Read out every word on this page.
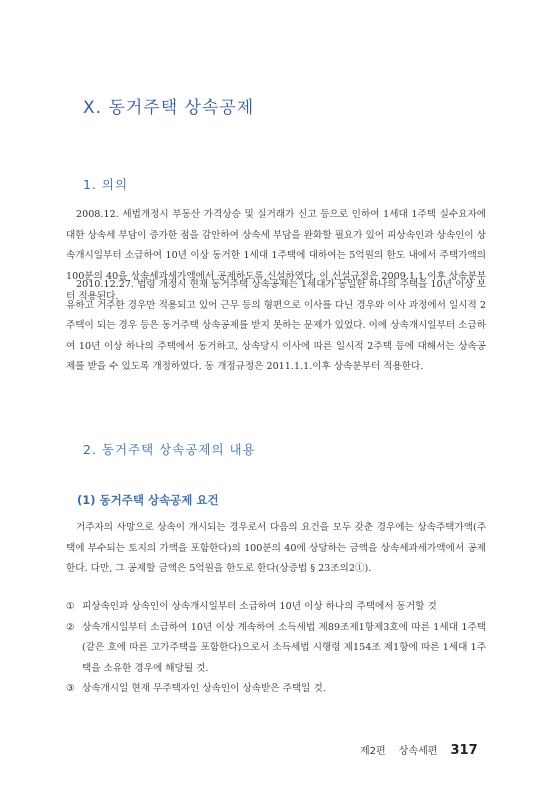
Ⅹ. 동거주택 상속공제
1. 의의

2008.12. 세법개정시 부동산 가격상승 및 실거래가 신고 등으로 인하여 1세대 1주택 실수요자에 대한 상속세 부담이 증가한 점을 감안하여 상속세 부담을 완화할 필요가 있어 피상속인과 상속인이 상속개시일부터 소급하여 10년 이상 동거한 1세대 1주택에 대하여는 5억원의 한도 내에서 주택가액의 100분의 40을 상속세과세가액에서 공제하도록 신설하였다. 이 신설규정은 2009.1.1.이후 상속분부터 적용된다.

2010.12.27. 법령 개정시 현재 동거주택 상속공제는 1세대가 동일한 하나의 주택을 10년 이상 보유하고 거주한 경우만 적용되고 있어 근무 등의 형편으로 이사를 다닌 경우와 이사 과정에서 일시적 2주택이 되는 경우 등은 동거주택 상속공제를 받지 못하는 문제가 있었다. 이에 상속개시일부터 소급하여 10년 이상 하나의 주택에서 동거하고, 상속당시 이사에 따른 일시적 2주택 등에 대해서는 상속공제를 받을 수 있도록 개정하였다. 동 개정규정은 2011.1.1.이후 상속분부터 적용한다.

2. 동거주택 상속공제의 내용
(1) 동거주택 상속공제 요건

거주자의 사망으로 상속이 개시되는 경우로서 다음의 요건을 모두 갖춘 경우에는 상속주택가액(주택에 부수되는 토지의 가액을 포함한다)의 100분의 40에 상당하는 금액을 상속세과세가액에서 공제한다. 다만, 그 공제할 금액은 5억원을 한도로 한다(상증법 § 23조의2①).

① 피상속인과 상속인이 상속개시일부터 소급하여 10년 이상 하나의 주택에서 동거할 것
② 상속개시일부터 소급하여 10년 이상 계속하여 소득세법 제89조제1항제3호에 따른 1세대 1주택(같은 호에 따른 고가주택을 포함한다)으로서 소득세법 시행령 제154조 제1항에 따른 1세대 1주택을 소유한 경우에 해당될 것.
③ 상속개시일 현재 무주택자인 상속인이 상속받은 주택일 것.
제2편 상속세편 317
